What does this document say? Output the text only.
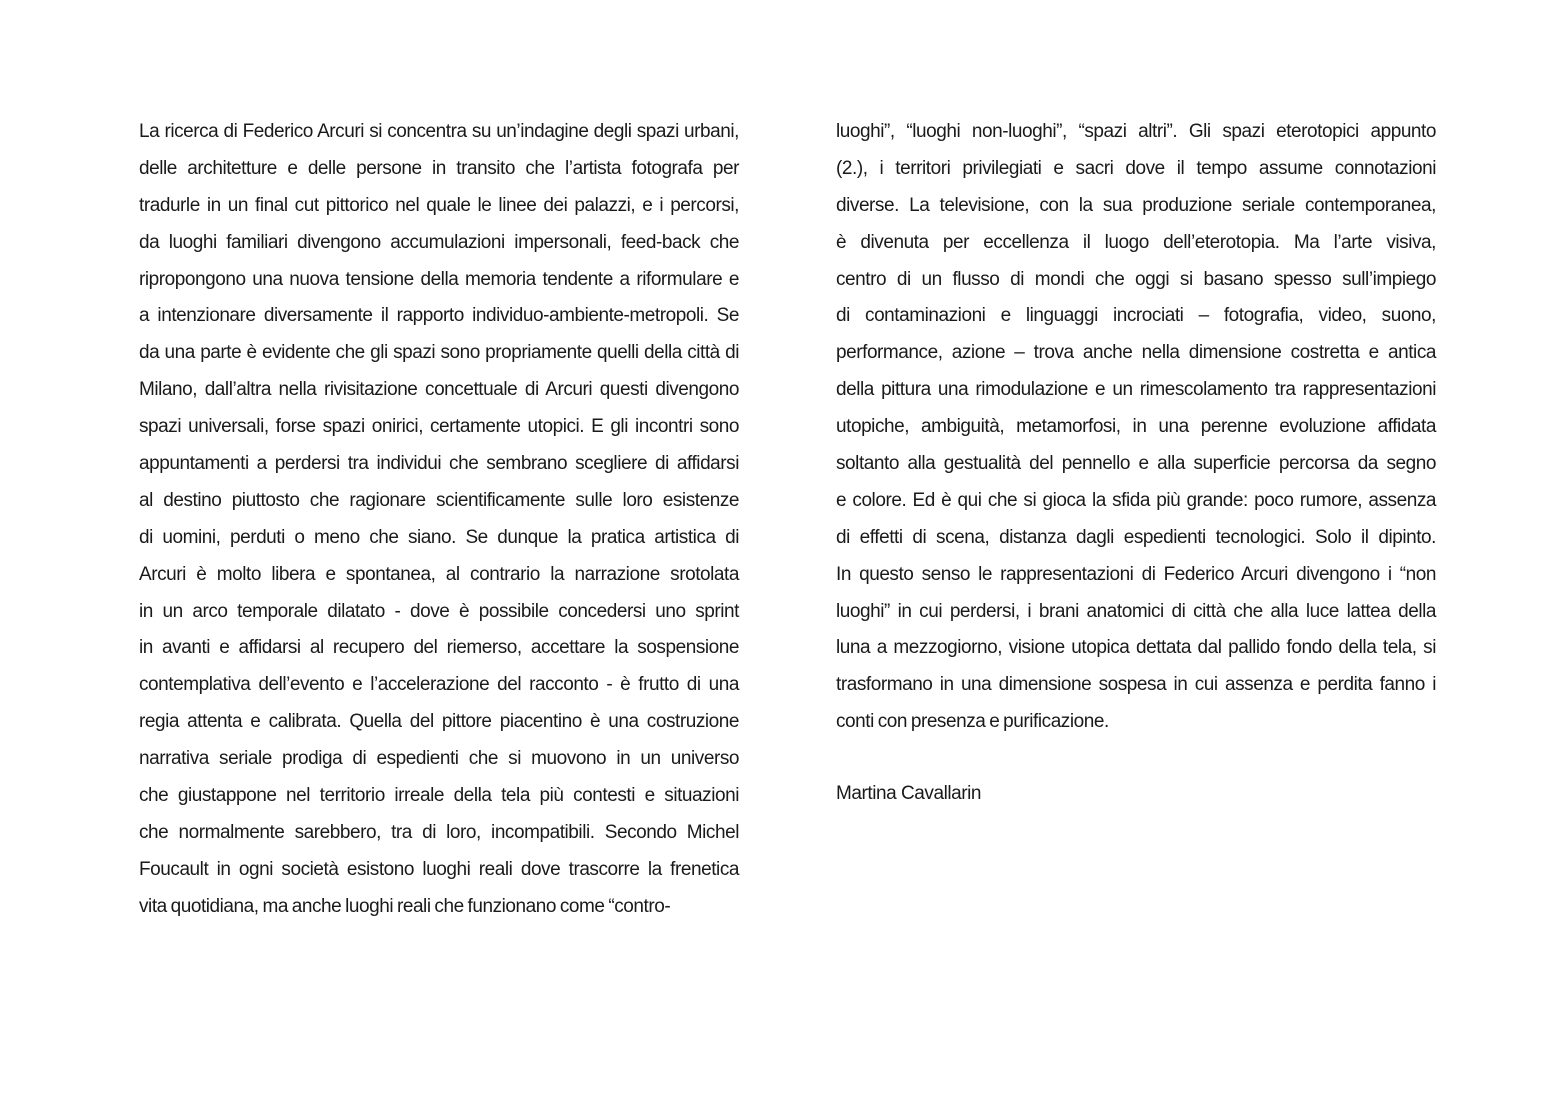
La ricerca di Federico Arcuri si concentra su un’indagine degli spazi urbani,
delle architetture e delle persone in transito che l’artista fotografa per
tradurle in un final cut pittorico nel quale le linee dei palazzi, e i percorsi,
da luoghi familiari divengono accumulazioni impersonali, feed-back che
ripropongono una nuova tensione della memoria tendente a riformulare e
a intenzionare diversamente il rapporto individuo-ambiente-metropoli. Se
da una parte è evidente che gli spazi sono propriamente quelli della città di
Milano, dall’altra nella rivisitazione concettuale di Arcuri questi divengono
spazi universali, forse spazi onirici, certamente utopici. E gli incontri sono
appuntamenti a perdersi tra individui che sembrano scegliere di affidarsi
al destino piuttosto che ragionare scientificamente sulle loro esistenze
di uomini, perduti o meno che siano. Se dunque la pratica artistica di
Arcuri è molto libera e spontanea, al contrario la narrazione srotolata
in un arco temporale dilatato - dove è possibile concedersi uno sprint
in avanti e affidarsi al recupero del riemerso, accettare la sospensione
contemplativa dell’evento e l’accelerazione del racconto - è frutto di una
regia attenta e calibrata. Quella del pittore piacentino è una costruzione
narrativa seriale prodiga di espedienti che si muovono in un universo
che giustappone nel territorio irreale della tela più contesti e situazioni
che normalmente sarebbero, tra di loro, incompatibili. Secondo Michel
Foucault in ogni società esistono luoghi reali dove trascorre la frenetica
vita quotidiana, ma anche luoghi reali che funzionano come “contro-
luoghi”, “luoghi non-luoghi”, “spazi altri”. Gli spazi eterotopici appunto
(2.), i territori privilegiati e sacri dove il tempo assume connotazioni
diverse. La televisione, con la sua produzione seriale contemporanea,
è divenuta per eccellenza il luogo dell’eterotopia. Ma l’arte visiva,
centro di un flusso di mondi che oggi si basano spesso sull’impiego
di contaminazioni e linguaggi incrociati – fotografia, video, suono,
performance, azione – trova anche nella dimensione costretta e antica
della pittura una rimodulazione e un rimescolamento tra rappresentazioni
utopiche, ambiguità, metamorfosi, in una perenne evoluzione affidata
soltanto alla gestualità del pennello e alla superficie percorsa da segno
e colore. Ed è qui che si gioca la sfida più grande: poco rumore, assenza
di effetti di scena, distanza dagli espedienti tecnologici. Solo il dipinto.
In questo senso le rappresentazioni di Federico Arcuri divengono i “non
luoghi” in cui perdersi, i brani anatomici di città che alla luce lattea della
luna a mezzogiorno, visione utopica dettata dal pallido fondo della tela, si
trasformano in una dimensione sospesa in cui assenza e perdita fanno i
conti con presenza e purificazione.
Martina Cavallarin
